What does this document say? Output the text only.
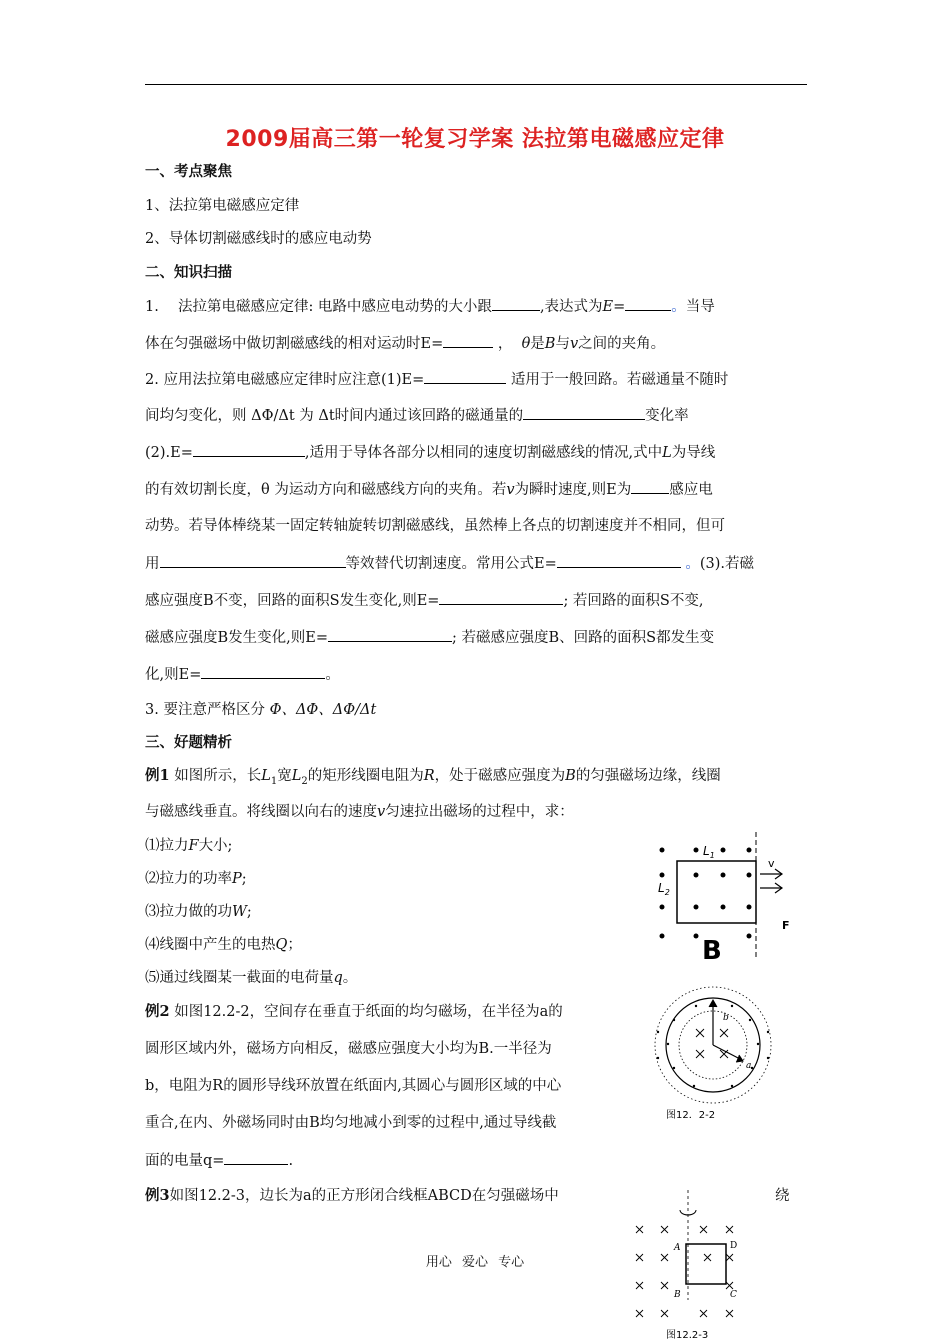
2009届高三第一轮复习学案 法拉第电磁感应定律
一、考点聚焦
1、法拉第电磁感应定律
2、导体切割磁感线时的感应电动势
二、知识扫描
1.　 法拉第电磁感应定律: 电路中感应电动势的大小跟	,表达式为E=	。当导
体在匀强磁场中做切割磁感线的相对运动时E=	， θ是B与v之间的夹角。
2. 应用法拉第电磁感应定律时应注意(1)E=	适用于一般回路。若磁通量不随时
间均匀变化，则 ΔΦ/Δt 为 Δt时间内通过该回路的磁通量的	变化率
(2).E=	,适用于导体各部分以相同的速度切割磁感线的情况,式中L为导线
的有效切割长度，θ 为运动方向和磁感线方向的夹角。若v为瞬时速度,则E为	感应电
动势。若导体棒绕某一固定转轴旋转切割磁感线，虽然棒上各点的切割速度并不相同，但可
用	等效替代切割速度。常用公式E=	。(3).若磁
感应强度B不变，回路的面积S发生变化,则E=	; 若回路的面积S不变,
磁感应强度B发生变化,则E=	; 若磁感应强度B、回路的面积S都发生变
化,则E=	。
3. 要注意严格区分 Φ、ΔΦ、ΔΦ/Δt
三、好题精析
例1 如图所示，长$L_1$宽$L_2$的矩形线圈电阻为R，处于磁感应强度为B的匀强磁场边缘，线圈
与磁感线垂直。将线圈以向右的速度v匀速拉出磁场的过程中，求：
⑴拉力F大小;
⑵拉力的功率P;
⑶拉力做的功W;
⑷线圈中产生的电热Q；
⑸通过线圈某一截面的电荷量q。
$L_1$
$L_2$
v
F
B
例2 如图12.2-2，空间存在垂直于纸面的均匀磁场，在半径为a的
圆形区域内外，磁场方向相反，磁感应强度大小均为B.一半径为
b，电阻为R的圆形导线环放置在纸面内,其圆心与圆形区域的中心
重合,在内、外磁场同时由B均匀地减小到零的过程中,通过导线截
面的电量q=	.
b
a
图12．2-2
例3如图12.2-3，边长为a的正方形闭合线框ABCD在匀强磁场中	绕
A	D
B	C
图12.2-3
用心 爱心 专心
